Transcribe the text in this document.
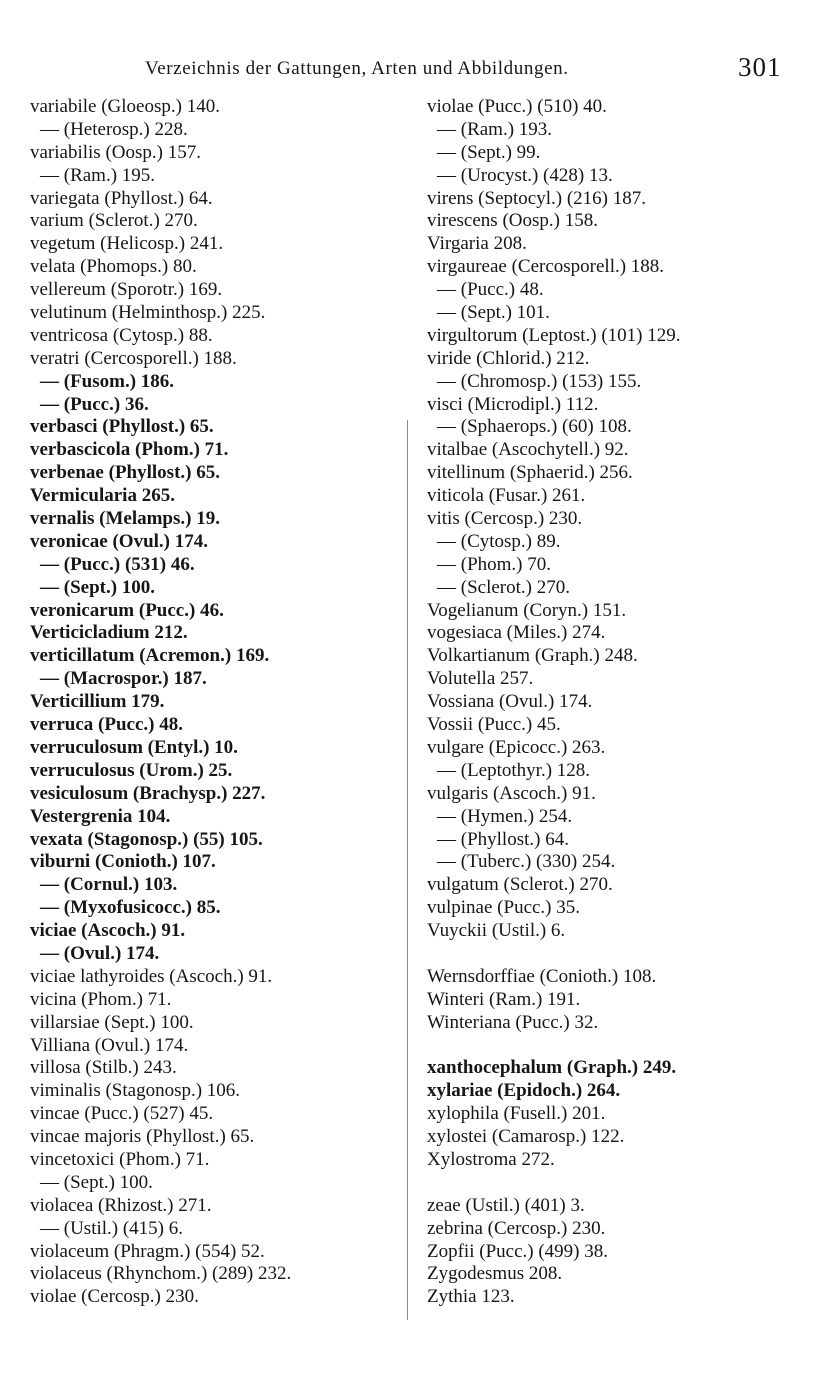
Verzeichnis der Gattungen, Arten und Abbildungen.	301
variabile (Gloeosp.) 140.
— (Heterosp.) 228.
variabilis (Oosp.) 157.
— (Ram.) 195.
variegata (Phyllost.) 64.
varium (Sclerot.) 270.
vegetum (Helicosp.) 241.
velata (Phomops.) 80.
vellereum (Sporotr.) 169.
velutinum (Helminthosp.) 225.
ventricosa (Cytosp.) 88.
veratri (Cercosporell.) 188.
— (Fusom.) 186.
— (Pucc.) 36.
verbasci (Phyllost.) 65.
verbascicola (Phom.) 71.
verbenae (Phyllost.) 65.
Vermicularia 265.
vernalis (Melamps.) 19.
veronicae (Ovul.) 174.
— (Pucc.) (531) 46.
— (Sept.) 100.
veronicarum (Pucc.) 46.
Verticicladium 212.
verticillatum (Acremon.) 169.
— (Macrospor.) 187.
Verticillium 179.
verruca (Pucc.) 48.
verruculosum (Entyl.) 10.
verruculosus (Urom.) 25.
vesiculosum (Brachysp.) 227.
Vestergrenia 104.
vexata (Stagonosp.) (55) 105.
viburni (Conioth.) 107.
— (Cornul.) 103.
— (Myxofusicocc.) 85.
viciae (Ascoch.) 91.
— (Ovul.) 174.
viciae lathyroides (Ascoch.) 91.
vicina (Phom.) 71.
villarsiae (Sept.) 100.
Villiana (Ovul.) 174.
villosa (Stilb.) 243.
viminalis (Stagonosp.) 106.
vincae (Pucc.) (527) 45.
vincae majoris (Phyllost.) 65.
vincetoxici (Phom.) 71.
— (Sept.) 100.
violacea (Rhizost.) 271.
— (Ustil.) (415) 6.
violaceum (Phragm.) (554) 52.
violaceus (Rhynchom.) (289) 232.
violae (Cercosp.) 230.
violae (Pucc.) (510) 40.
— (Ram.) 193.
— (Sept.) 99.
— (Urocyst.) (428) 13.
virens (Septocyl.) (216) 187.
virescens (Oosp.) 158.
Virgaria 208.
virgaureae (Cercosporell.) 188.
— (Pucc.) 48.
— (Sept.) 101.
virgultorum (Leptost.) (101) 129.
viride (Chlorid.) 212.
— (Chromosp.) (153) 155.
visci (Microdipl.) 112.
— (Sphaerops.) (60) 108.
vitalbae (Ascochytell.) 92.
vitellinum (Sphaerid.) 256.
viticola (Fusar.) 261.
vitis (Cercosp.) 230.
— (Cytosp.) 89.
— (Phom.) 70.
— (Sclerot.) 270.
Vogelianum (Coryn.) 151.
vogesiaca (Miles.) 274.
Volkartianum (Graph.) 248.
Volutella 257.
Vossiana (Ovul.) 174.
Vossii (Pucc.) 45.
vulgare (Epicocc.) 263.
— (Leptothyr.) 128.
vulgaris (Ascoch.) 91.
— (Hymen.) 254.
— (Phyllost.) 64.
— (Tuberc.) (330) 254.
vulgatum (Sclerot.) 270.
vulpinae (Pucc.) 35.
Vuyckii (Ustil.) 6.
Wernsdorffiae (Conioth.) 108.
Winteri (Ram.) 191.
Winteriana (Pucc.) 32.
xanthocephalum (Graph.) 249.
xylariae (Epidoch.) 264.
xylophila (Fusell.) 201.
xylostei (Camarosp.) 122.
Xylostroma 272.
zeae (Ustil.) (401) 3.
zebrina (Cercosp.) 230.
Zopfii (Pucc.) (499) 38.
Zygodesmus 208.
Zythia 123.
